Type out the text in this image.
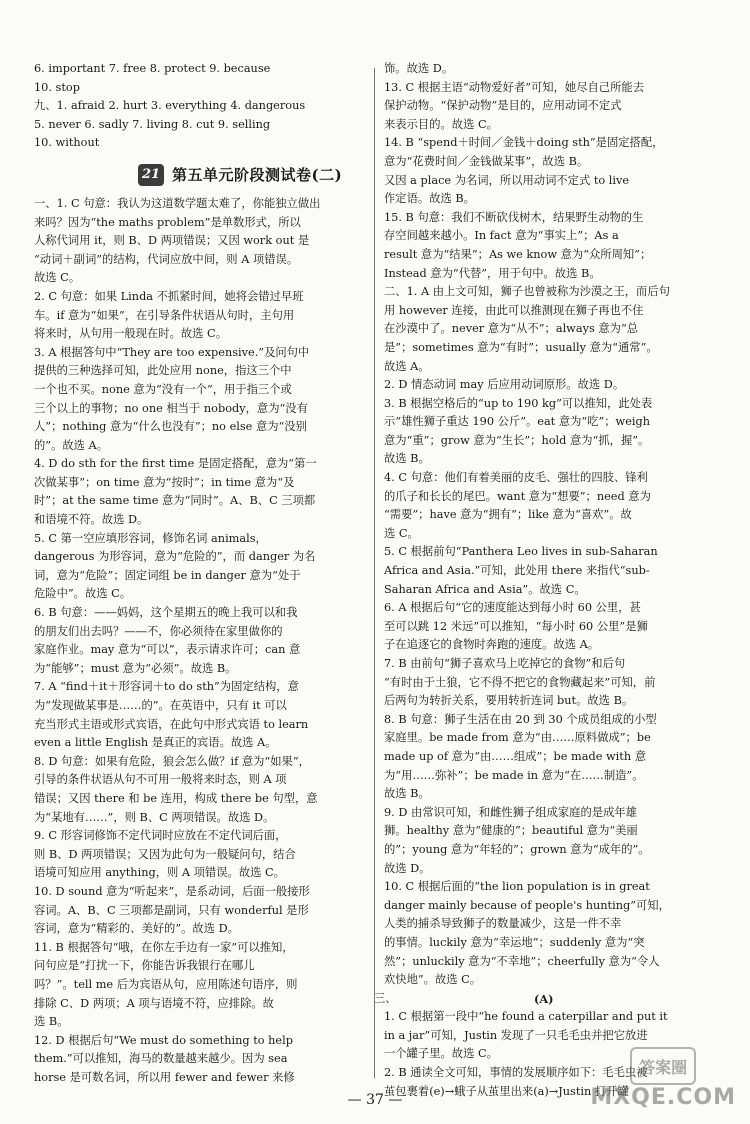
6. important 7. free 8. protect 9. because
10. stop
九、1. afraid 2. hurt 3. everything 4. dangerous
5. never 6. sadly 7. living 8. cut 9. selling
10. without
21 第五单元阶段测试卷(二)
一、1. C 句意：我认为这道数学题太难了，你能独立做出
来吗？因为“the maths problem”是单数形式，所以
人称代词用 it，则 B、D 两项错误；又因 work out 是
“动词＋副词”的结构，代词应放中间，则 A 项错误。
故选 C。
2. C 句意：如果 Linda 不抓紧时间，她将会错过早班
车。if 意为“如果”，在引导条件状语从句时，主句用
将来时，从句用一般现在时。故选 C。
3. A 根据答句中“They are too expensive.”及问句中
提供的三种选择可知，此处应用 none，指这三个中
一个也不买。none 意为“没有一个”，用于指三个或
三个以上的事物；no one 相当于 nobody，意为“没有
人”；nothing 意为“什么也没有”；no else 意为“没别
的”。故选 A。
4. D do sth for the first time 是固定搭配，意为“第一
次做某事”；on time 意为“按时”；in time 意为“及
时”；at the same time 意为“同时”。A、B、C 三项都
和语境不符。故选 D。
5. C 第一空应填形容词，修饰名词 animals，
dangerous 为形容词，意为“危险的”，而 danger 为名
词，意为“危险”；固定词组 be in danger 意为“处于
危险中”。故选 C。
6. B 句意：——妈妈，这个星期五的晚上我可以和我
的朋友们出去吗？——不，你必须待在家里做你的
家庭作业。may 意为“可以”，表示请求许可；can 意
为“能够”；must 意为“必须”。故选 B。
7. A “find＋it＋形容词＋to do sth”为固定结构，意
为“发现做某事是……的”。在英语中，只有 it 可以
充当形式主语或形式宾语，在此句中形式宾语 to learn
even a little English 是真正的宾语。故选 A。
8. D 句意：如果有危险，狼会怎么做？if 意为“如果”，
引导的条件状语从句不可用一般将来时态，则 A 项
错误；又因 there 和 be 连用，构成 there be 句型，意
为“某地有……”，则 B、C 两项错误。故选 D。
9. C 形容词修饰不定代词时应放在不定代词后面，
则 B、D 两项错误；又因为此句为一般疑问句，结合
语境可知应用 anything，则 A 项错误。故选 C。
10. D sound 意为“听起来”，是系动词，后面一般接形
容词。A、B、C 三项都是副词，只有 wonderful 是形
容词，意为“精彩的、美好的”。故选 D。
11. B 根据答句“哦，在你左手边有一家”可以推知，
问句应是“打扰一下，你能告诉我银行在哪儿
吗？”。tell me 后为宾语从句，应用陈述句语序，则
排除 C、D 两项；A 项与语境不符，应排除。故
选 B。
12. D 根据后句“We must do something to help
them.”可以推知，海马的数量越来越少。因为 sea
horse 是可数名词，所以用 fewer and fewer 来修
饰。故选 D。
13. C 根据主语“动物爱好者”可知，她尽自己所能去
保护动物。“保护动物”是目的，应用动词不定式
来表示目的。故选 C。
14. B “spend＋时间／金钱＋doing sth”是固定搭配，
意为“花费时间／金钱做某事”，故选 B。
又因 a place 为名词，所以用动词不定式 to live
作定语。故选 B。
15. B 句意：我们不断砍伐树木，结果野生动物的生
存空间越来越小。In fact 意为“事实上”；As a
result 意为“结果”；As we know 意为“众所周知”；
Instead 意为“代替”，用于句中。故选 B。
二、1. A 由上文可知，狮子也曾被称为沙漠之王，而后句
用 however 连接，由此可以推测现在狮子再也不住
在沙漠中了。never 意为“从不”；always 意为“总
是”；sometimes 意为“有时”；usually 意为“通常”。
故选 A。
2. D 情态动词 may 后应用动词原形。故选 D。
3. B 根据空格后的“up to 190 kg”可以推知，此处表
示“雄性狮子重达 190 公斤”。eat 意为“吃”；weigh
意为“重”；grow 意为“生长”；hold 意为“抓，握”。
故选 B。
4. C 句意：他们有着美丽的皮毛、强壮的四肢、锋利
的爪子和长长的尾巴。want 意为“想要”；need 意为
“需要”；have 意为“拥有”；like 意为“喜欢”。故
选 C。
5. C 根据前句“Panthera Leo lives in sub-Saharan
Africa and Asia.”可知，此处用 there 来指代“sub-
Saharan Africa and Asia”。故选 C。
6. A 根据后句“它的速度能达到每小时 60 公里，甚
至可以跳 12 米远”可以推知，“每小时 60 公里”是狮
子在追逐它的食物时奔跑的速度。故选 A。
7. B 由前句“狮子喜欢马上吃掉它的食物”和后句
“有时由于土狼，它不得不把它的食物藏起来”可知，前
后两句为转折关系，要用转折连词 but。故选 B。
8. B 句意：狮子生活在由 20 到 30 个成员组成的小型
家庭里。be made from 意为“由……原料做成”；be
made up of 意为“由……组成”；be made with 意
为“用……弥补”；be made in 意为“在……制造”。
故选 B。
9. D 由常识可知，和雌性狮子组成家庭的是成年雄
狮。healthy 意为“健康的”；beautiful 意为“美丽
的”；young 意为“年轻的”；grown 意为“成年的”。
故选 D。
10. C 根据后面的“the lion population is in great
danger mainly because of people's hunting”可知，
人类的捕杀导致狮子的数量减少，这是一件不幸
的事情。luckily 意为“幸运地”；suddenly 意为“突
然”；unluckily 意为“不幸地”；cheerfully 意为“令人
欢快地”。故选 C。
三、	(A)
1. C 根据第一段中“he found a caterpillar and put it
in a jar”可知，Justin 发现了一只毛毛虫并把它放进
一个罐子里。故选 C。
2. B 通读全文可知，事情的发展顺序如下：毛毛虫被
茧包裹着(e)→蛾子从茧里出来(a)→Justin 打开罐
— 37 —
答案圈
MXQE.COM
